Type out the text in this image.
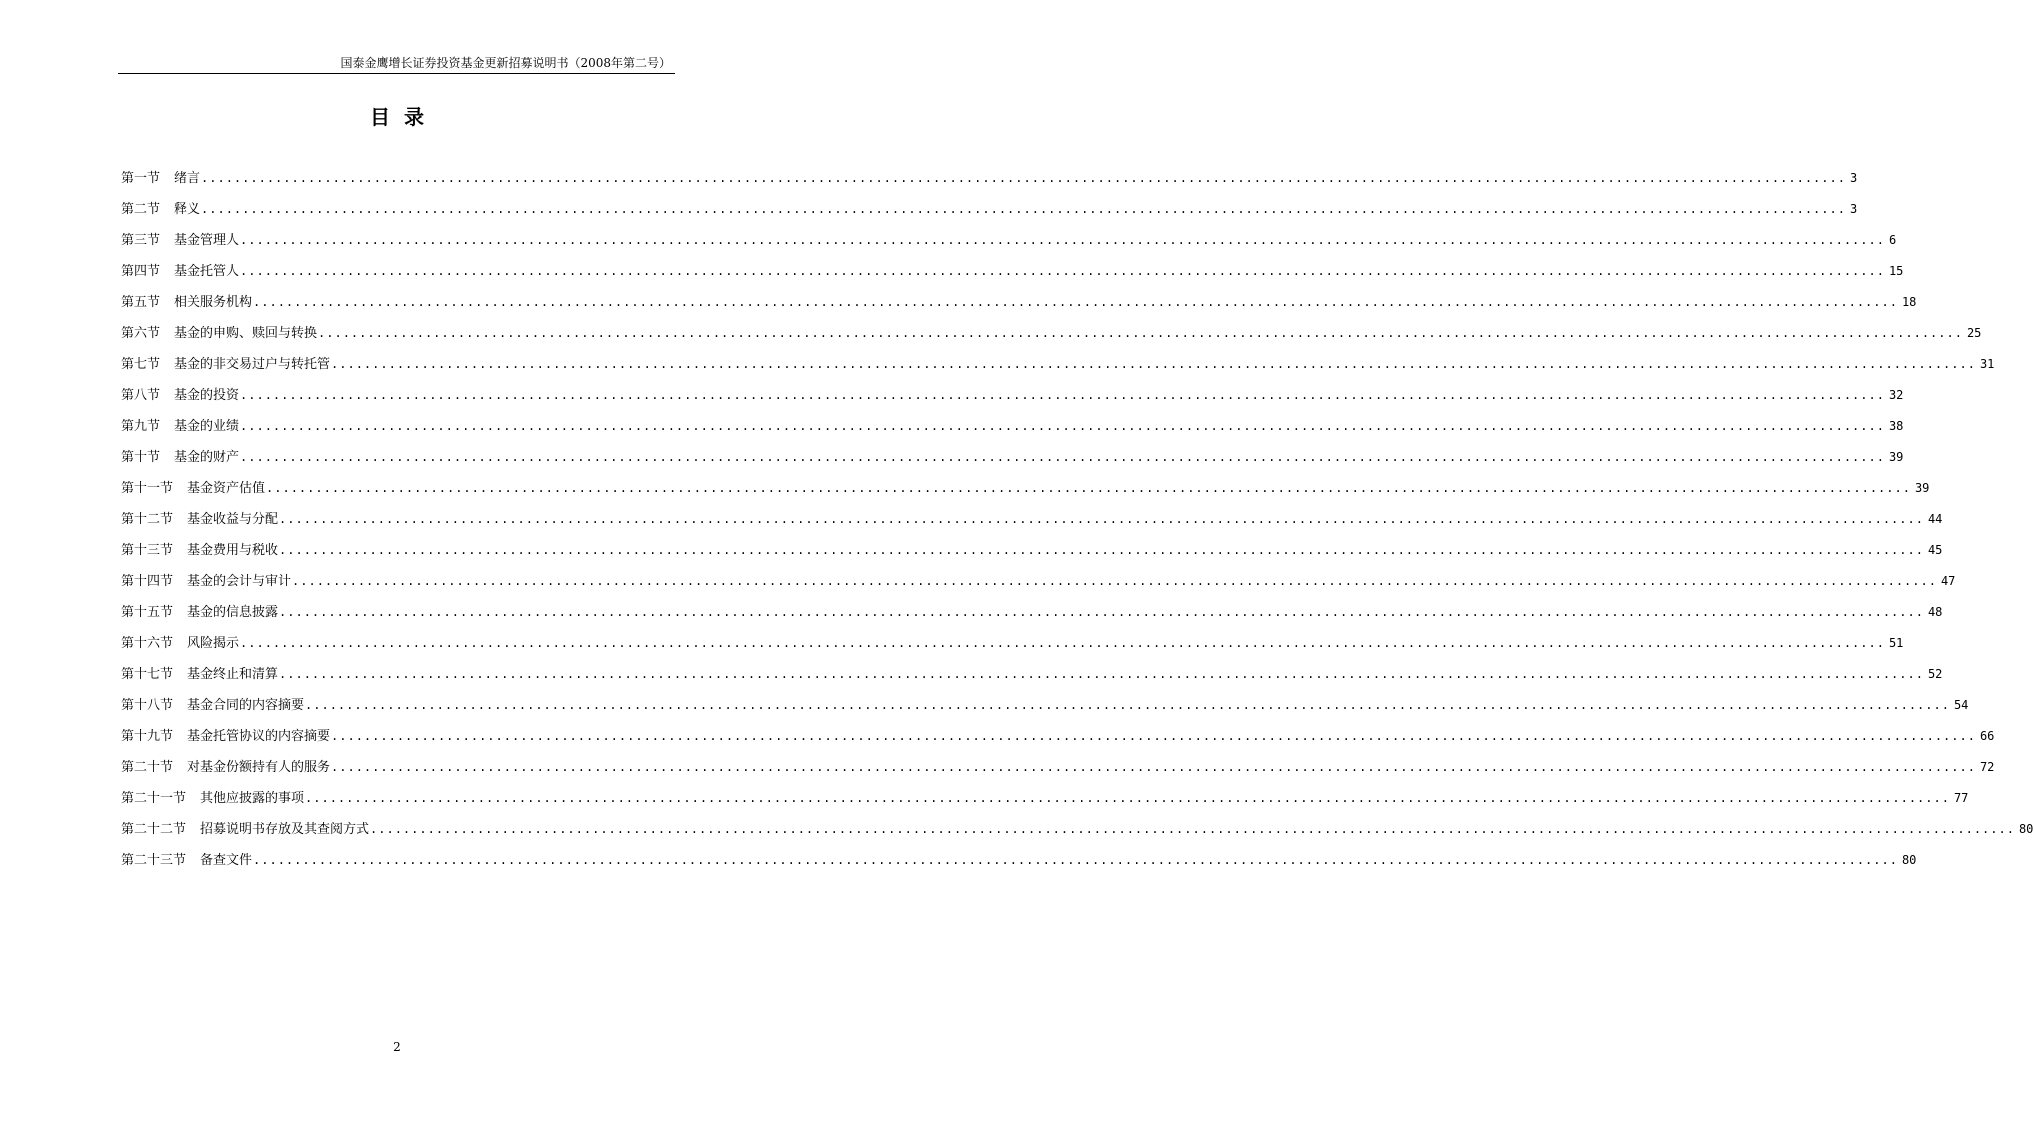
国泰金鹰增长证券投资基金更新招募说明书（2008年第二号）
目录
第一节 绪言 ........................................................................................................................................................................................................ 3
第二节 释义 ........................................................................................................................................................................................................ 3
第三节 基金管理人 ........................................................................................................................................................................................................ 6
第四节 基金托管人 ........................................................................................................................................................................................................ 15
第五节 相关服务机构 ........................................................................................................................................................................................................ 18
第六节 基金的申购、赎回与转换 ........................................................................................................................................................................................................ 25
第七节 基金的非交易过户与转托管 ........................................................................................................................................................................................................ 31
第八节 基金的投资 ........................................................................................................................................................................................................ 32
第九节 基金的业绩 ........................................................................................................................................................................................................ 38
第十节 基金的财产 ........................................................................................................................................................................................................ 39
第十一节 基金资产估值 ........................................................................................................................................................................................................ 39
第十二节 基金收益与分配 ........................................................................................................................................................................................................ 44
第十三节 基金费用与税收 ........................................................................................................................................................................................................ 45
第十四节 基金的会计与审计 ........................................................................................................................................................................................................ 47
第十五节 基金的信息披露 ........................................................................................................................................................................................................ 48
第十六节 风险揭示 ........................................................................................................................................................................................................ 51
第十七节 基金终止和清算 ........................................................................................................................................................................................................ 52
第十八节 基金合同的内容摘要 ........................................................................................................................................................................................................ 54
第十九节 基金托管协议的内容摘要 ........................................................................................................................................................................................................ 66
第二十节 对基金份额持有人的服务 ........................................................................................................................................................................................................ 72
第二十一节 其他应披露的事项 ........................................................................................................................................................................................................ 77
第二十二节 招募说明书存放及其查阅方式 ........................................................................................................................................................................................................ 80
第二十三节 备查文件 ........................................................................................................................................................................................................ 80
2
